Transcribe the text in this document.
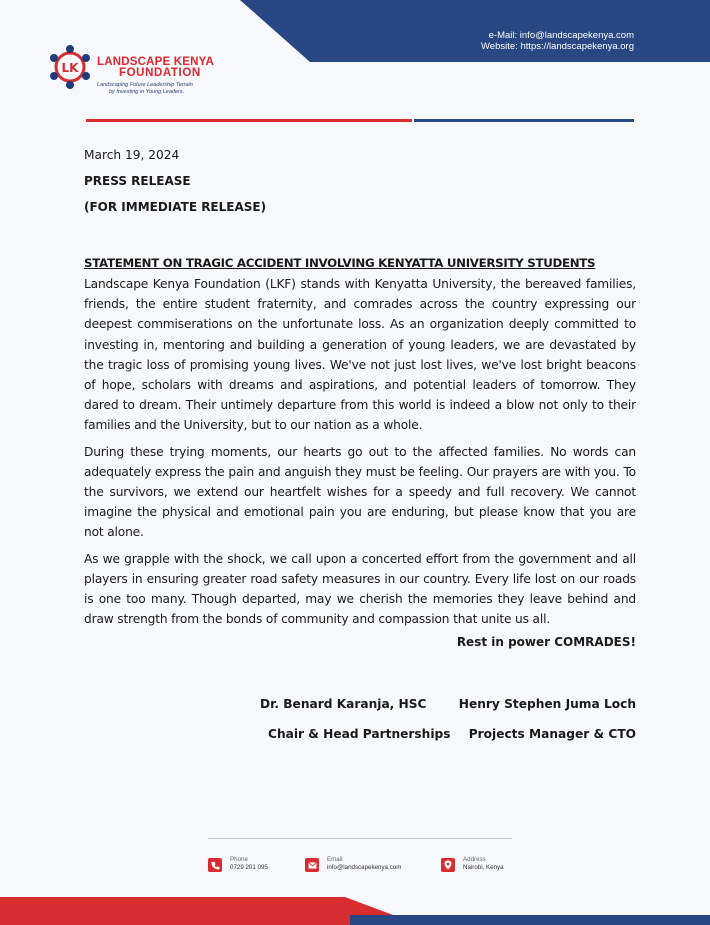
e-Mail: info@landscapekenya.com
Website: https://landscapekenya.org
LK LANDSCAPE KENYA
FOUNDATION
Landscaping Future Leadership Terrain
by Investing in Young Leaders.
March 19, 2024
PRESS RELEASE
(FOR IMMEDIATE RELEASE)
STATEMENT ON TRAGIC ACCIDENT INVOLVING KENYATTA UNIVERSITY STUDENTS
Landscape Kenya Foundation (LKF) stands with Kenyatta University, the bereaved families, friends, the entire student fraternity, and comrades across the country expressing our deepest commiserations on the unfortunate loss. As an organization deeply committed to investing in, mentoring and building a generation of young leaders, we are devastated by the tragic loss of promising young lives. We've not just lost lives, we've lost bright beacons of hope, scholars with dreams and aspirations, and potential leaders of tomorrow. They dared to dream. Their untimely departure from this world is indeed a blow not only to their families and the University, but to our nation as a whole.
During these trying moments, our hearts go out to the affected families. No words can adequately express the pain and anguish they must be feeling. Our prayers are with you. To the survivors, we extend our heartfelt wishes for a speedy and full recovery. We cannot imagine the physical and emotional pain you are enduring, but please know that you are not alone.
As we grapple with the shock, we call upon a concerted effort from the government and all players in ensuring greater road safety measures in our country. Every life lost on our roads is one too many. Though departed, may we cherish the memories they leave behind and draw strength from the bonds of community and compassion that unite us all.
Rest in power COMRADES!
Dr. Benard Karanja, HSC
Chair & Head Partnerships
Henry Stephen Juma Loch
Projects Manager & CTO
Phone
0729 201 095
Email
info@landscapekenya.com
Address
Nairobi, Kenya
